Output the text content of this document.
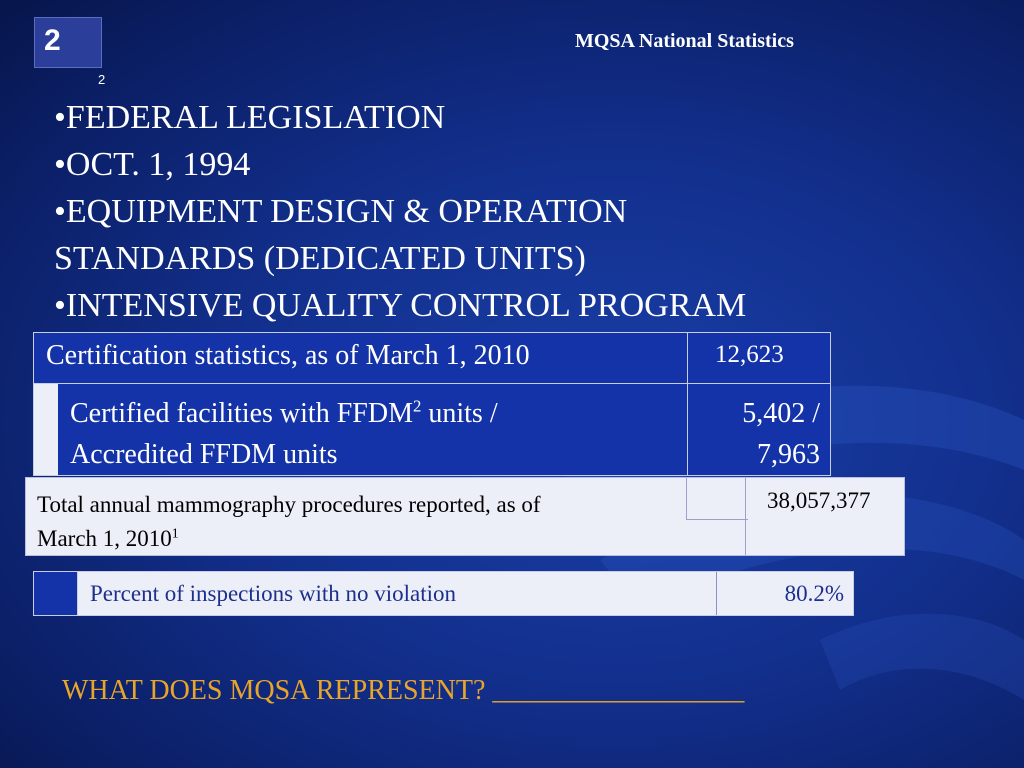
2
2
MQSA National Statistics
•FEDERAL LEGISLATION
•OCT. 1, 1994
•EQUIPMENT DESIGN & OPERATION
STANDARDS (DEDICATED UNITS)
•INTENSIVE QUALITY CONTROL PROGRAM
Certification statistics, as of March 1, 2010	12,623
Certified facilities with FFDM$^2$ units /
Accredited FFDM units
5,402 /
7,963
Total annual mammography procedures reported, as of
March 1, 2010$^1$
38,057,377
Percent of inspections with no violation	80.2%
WHAT DOES MQSA REPRESENT? __________________
